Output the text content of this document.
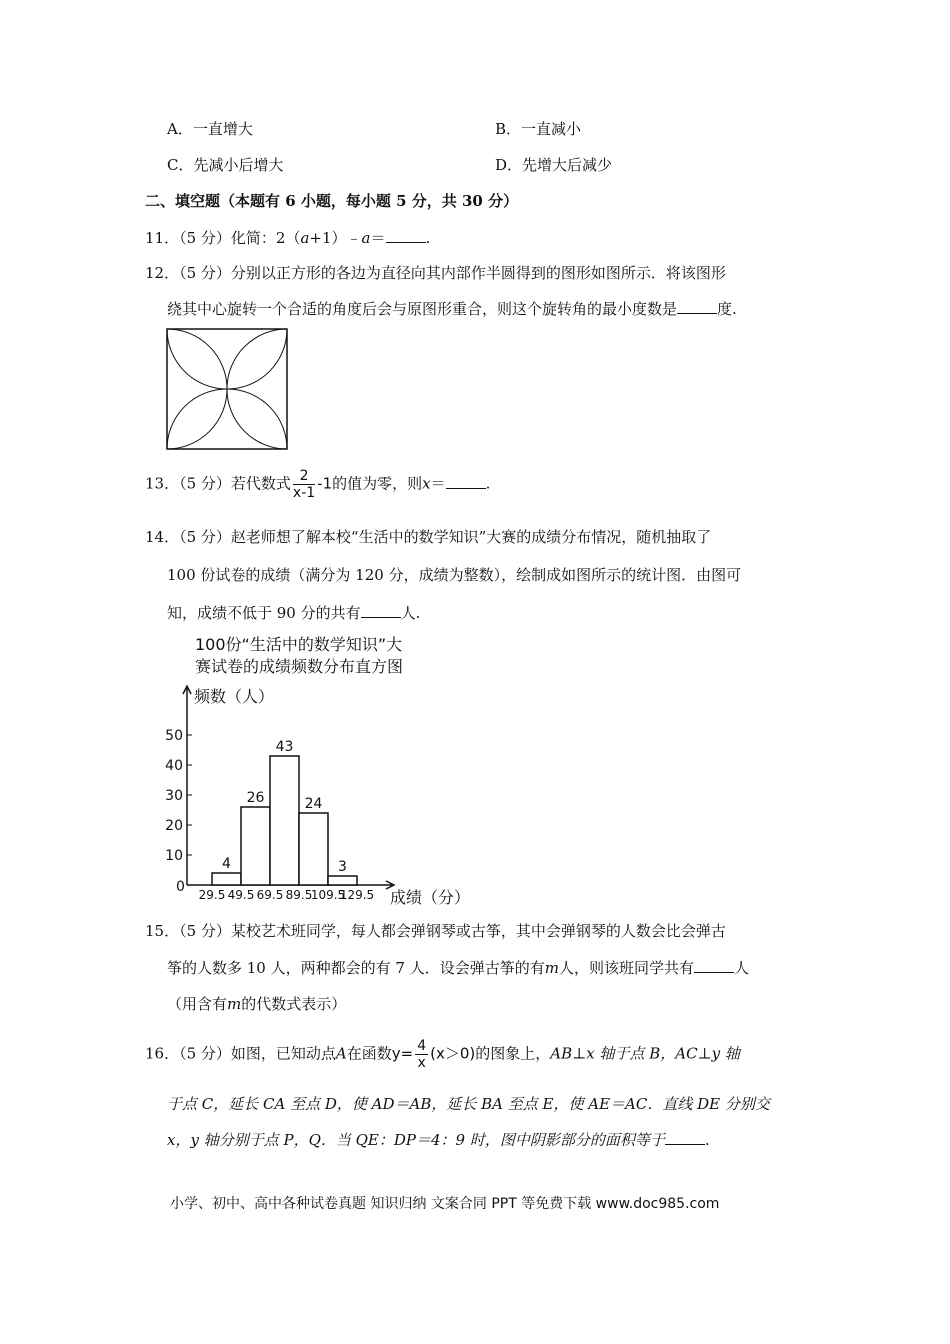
A．一直增大	B．一直减小
C．先减小后增大	D．先增大后减少
二、填空题（本题有 6 小题，每小题 5 分，共 30 分）
11．（5 分）化简：2（a+1）﹣a＝	.
12．（5 分）分别以正方形的各边为直径向其内部作半圆得到的图形如图所示．将该图形
绕其中心旋转一个合适的角度后会与原图形重合，则这个旋转角的最小度数是	度.
13．（5 分）若代数式 $\frac{2}{x-1} -1$的值为零，则x＝	.
14．（5 分）赵老师想了解本校“生活中的数学知识”大赛的成绩分布情况，随机抽取了
100 份试卷的成绩（满分为 120 分，成绩为整数），绘制成如图所示的统计图．由图可
知，成绩不低于 90 分的共有	人.
100份“生活中的数学知识”大
赛试卷的成绩频数分布直方图
频数（人）
成绩（分）
0
10
20
30
40
50
4
26
43
24
3
29.5 49.5 69.5 89.5
109.5
129.5
15．（5 分）某校艺术班同学，每人都会弹钢琴或古筝，其中会弹钢琴的人数会比会弹古
筝的人数多 10 人，两种都会的有 7 人．设会弹古筝的有m人，则该班同学共有	人
（用含有m的代数式表示）
16．（5 分）如图，已知动点A在函数$y= \frac{4}{x} (x>0)$的图象上，AB⊥x 轴于点 B，AC⊥y 轴
于点 C，延长 CA 至点 D，使 AD＝AB，延长 BA 至点 E，使 AE＝AC．直线 DE 分别交
x，y 轴分别于点 P，Q．当 QE：DP＝4：9 时，图中阴影部分的面积等于	.
小学、初中、高中各种试卷真题 知识归纳 文案合同 PPT 等免费下载 www.doc985.com
